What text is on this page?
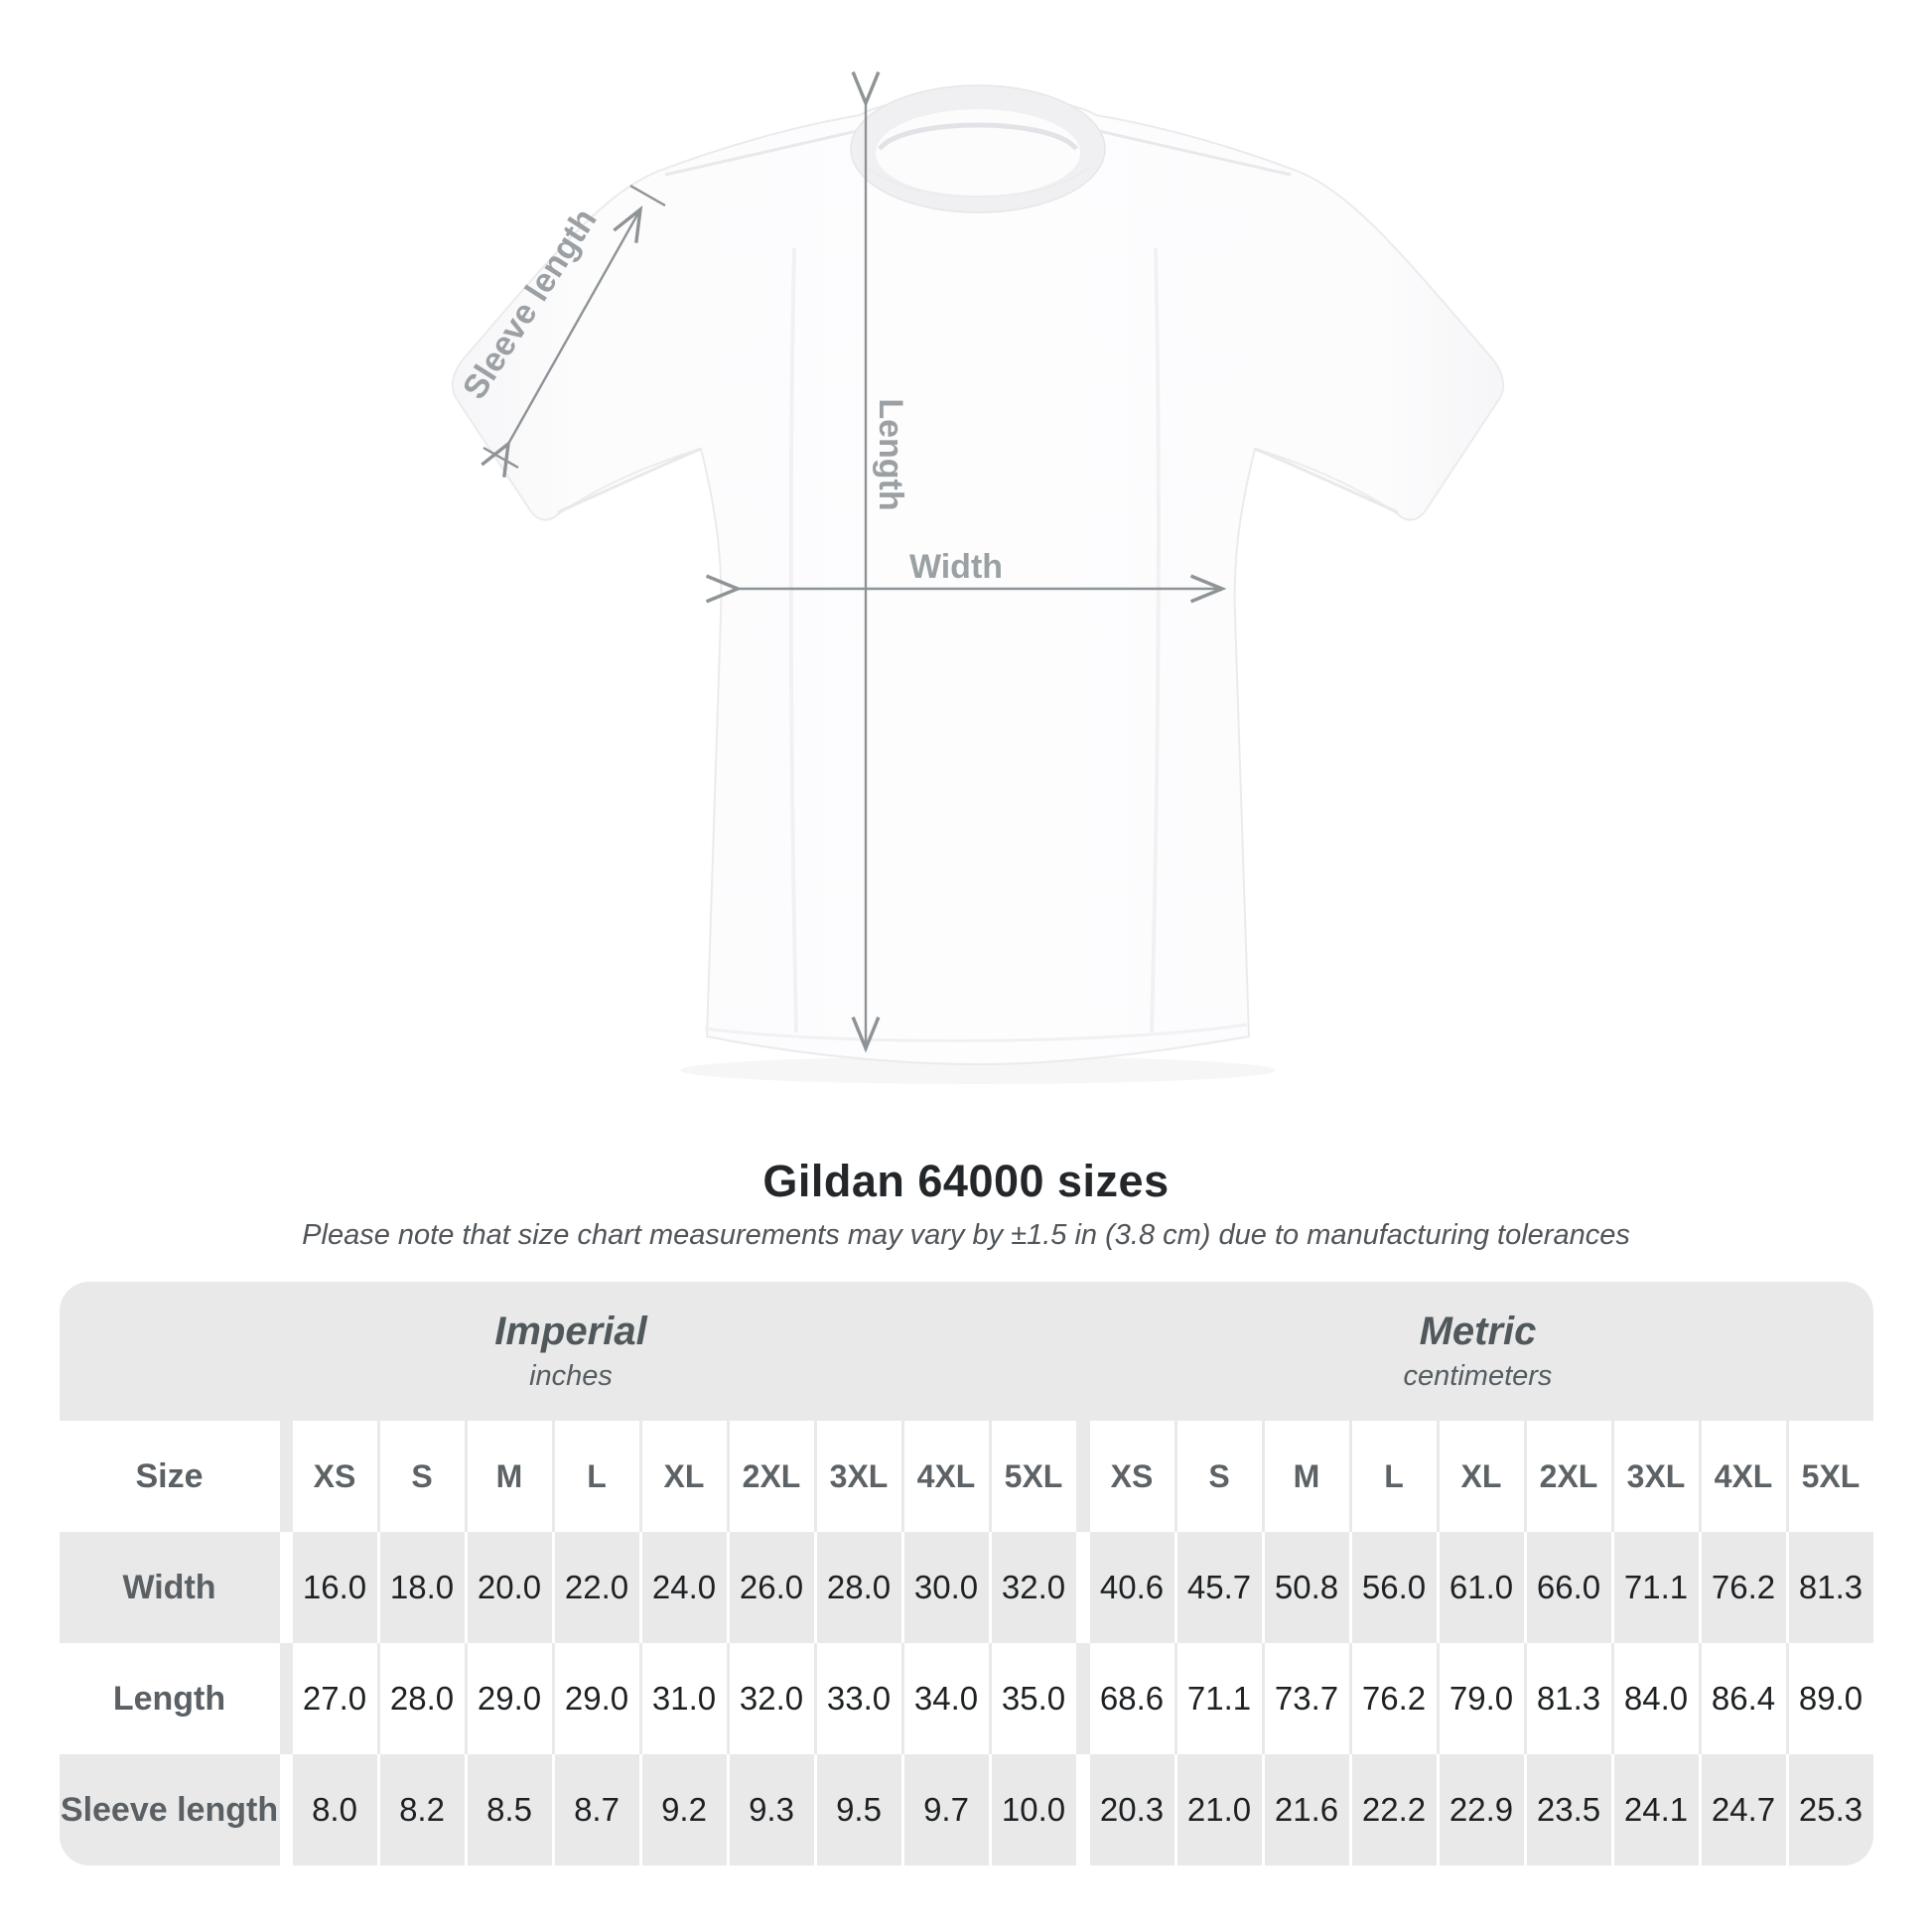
Sleeve length
Length
Width
Gildan 64000 sizes
Please note that size chart measurements may vary by ±1.5 in (3.8 cm) due to manufacturing tolerances
Imperial
inches
Metric
centimeters
Size	XS	S	M	L	XL	2XL 3XL 4XL 5XL	XS	S	M	L	XL	2XL 3XL 4XL 5XL
Width	16.0 18.0 20.0 22.0 24.0 26.0 28.0 30.0 32.0	40.6 45.7 50.8 56.0 61.0 66.0 71.1 76.2 81.3
Length	27.0 28.0 29.0 29.0 31.0 32.0 33.0 34.0 35.0	68.6 71.1 73.7 76.2 79.0 81.3 84.0 86.4 89.0
Sleeve length	8.0	8.2	8.5	8.7	9.2	9.3	9.5	9.7 10.0	20.3 21.0 21.6 22.2 22.9 23.5 24.1 24.7 25.3
